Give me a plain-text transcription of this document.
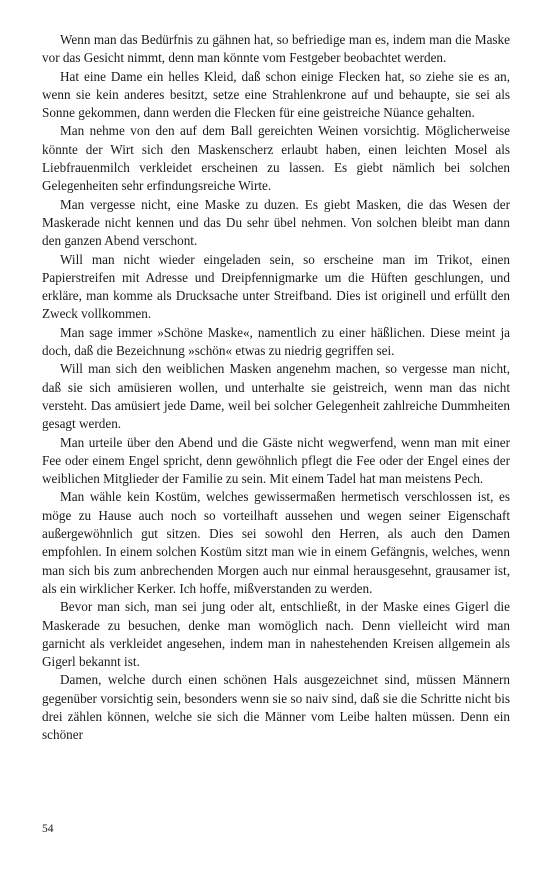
Wenn man das Bedürfnis zu gähnen hat, so befriedige man es, indem man die Maske vor das Gesicht nimmt, denn man könnte vom Festgeber beobachtet werden.

Hat eine Dame ein helles Kleid, daß schon einige Flecken hat, so ziehe sie es an, wenn sie kein anderes besitzt, setze eine Strahlenkrone auf und behaupte, sie sei als Sonne gekommen, dann werden die Flecken für eine geistreiche Nüance gehalten.

Man nehme von den auf dem Ball gereichten Weinen vorsichtig. Möglicherweise könnte der Wirt sich den Maskenscherz erlaubt haben, einen leichten Mosel als Liebfrauenmilch verkleidet erscheinen zu lassen. Es giebt nämlich bei solchen Gelegenheiten sehr erfindungsreiche Wirte.

Man vergesse nicht, eine Maske zu duzen. Es giebt Masken, die das Wesen der Maskerade nicht kennen und das Du sehr übel nehmen. Von solchen bleibt man dann den ganzen Abend verschont.

Will man nicht wieder eingeladen sein, so erscheine man im Trikot, einen Papierstreifen mit Adresse und Dreipfennigmarke um die Hüften geschlungen, und erkläre, man komme als Drucksache unter Streifband. Dies ist originell und erfüllt den Zweck vollkommen.

Man sage immer »Schöne Maske«, namentlich zu einer häßlichen. Diese meint ja doch, daß die Bezeichnung »schön« etwas zu niedrig gegriffen sei.

Will man sich den weiblichen Masken angenehm machen, so vergesse man nicht, daß sie sich amüsieren wollen, und unterhalte sie geistreich, wenn man das nicht versteht. Das amüsiert jede Dame, weil bei solcher Gelegenheit zahlreiche Dummheiten gesagt werden.

Man urteile über den Abend und die Gäste nicht wegwerfend, wenn man mit einer Fee oder einem Engel spricht, denn gewöhnlich pflegt die Fee oder der Engel eines der weiblichen Mitglieder der Familie zu sein. Mit einem Tadel hat man meistens Pech.

Man wähle kein Kostüm, welches gewissermaßen hermetisch verschlossen ist, es möge zu Hause auch noch so vorteilhaft aussehen und wegen seiner Eigenschaft außergewöhnlich gut sitzen. Dies sei sowohl den Herren, als auch den Damen empfohlen. In einem solchen Kostüm sitzt man wie in einem Gefängnis, welches, wenn man sich bis zum anbrechenden Morgen auch nur einmal herausgesehnt, grausamer ist, als ein wirklicher Kerker. Ich hoffe, mißverstanden zu werden.

Bevor man sich, man sei jung oder alt, entschließt, in der Maske eines Gigerl die Maskerade zu besuchen, denke man womöglich nach. Denn vielleicht wird man garnicht als verkleidet angesehen, indem man in nahestehenden Kreisen allgemein als Gigerl bekannt ist.

Damen, welche durch einen schönen Hals ausgezeichnet sind, müssen Männern gegenüber vorsichtig sein, besonders wenn sie so naiv sind, daß sie die Schritte nicht bis drei zählen können, welche sie sich die Männer vom Leibe halten müssen. Denn ein schöner

54
